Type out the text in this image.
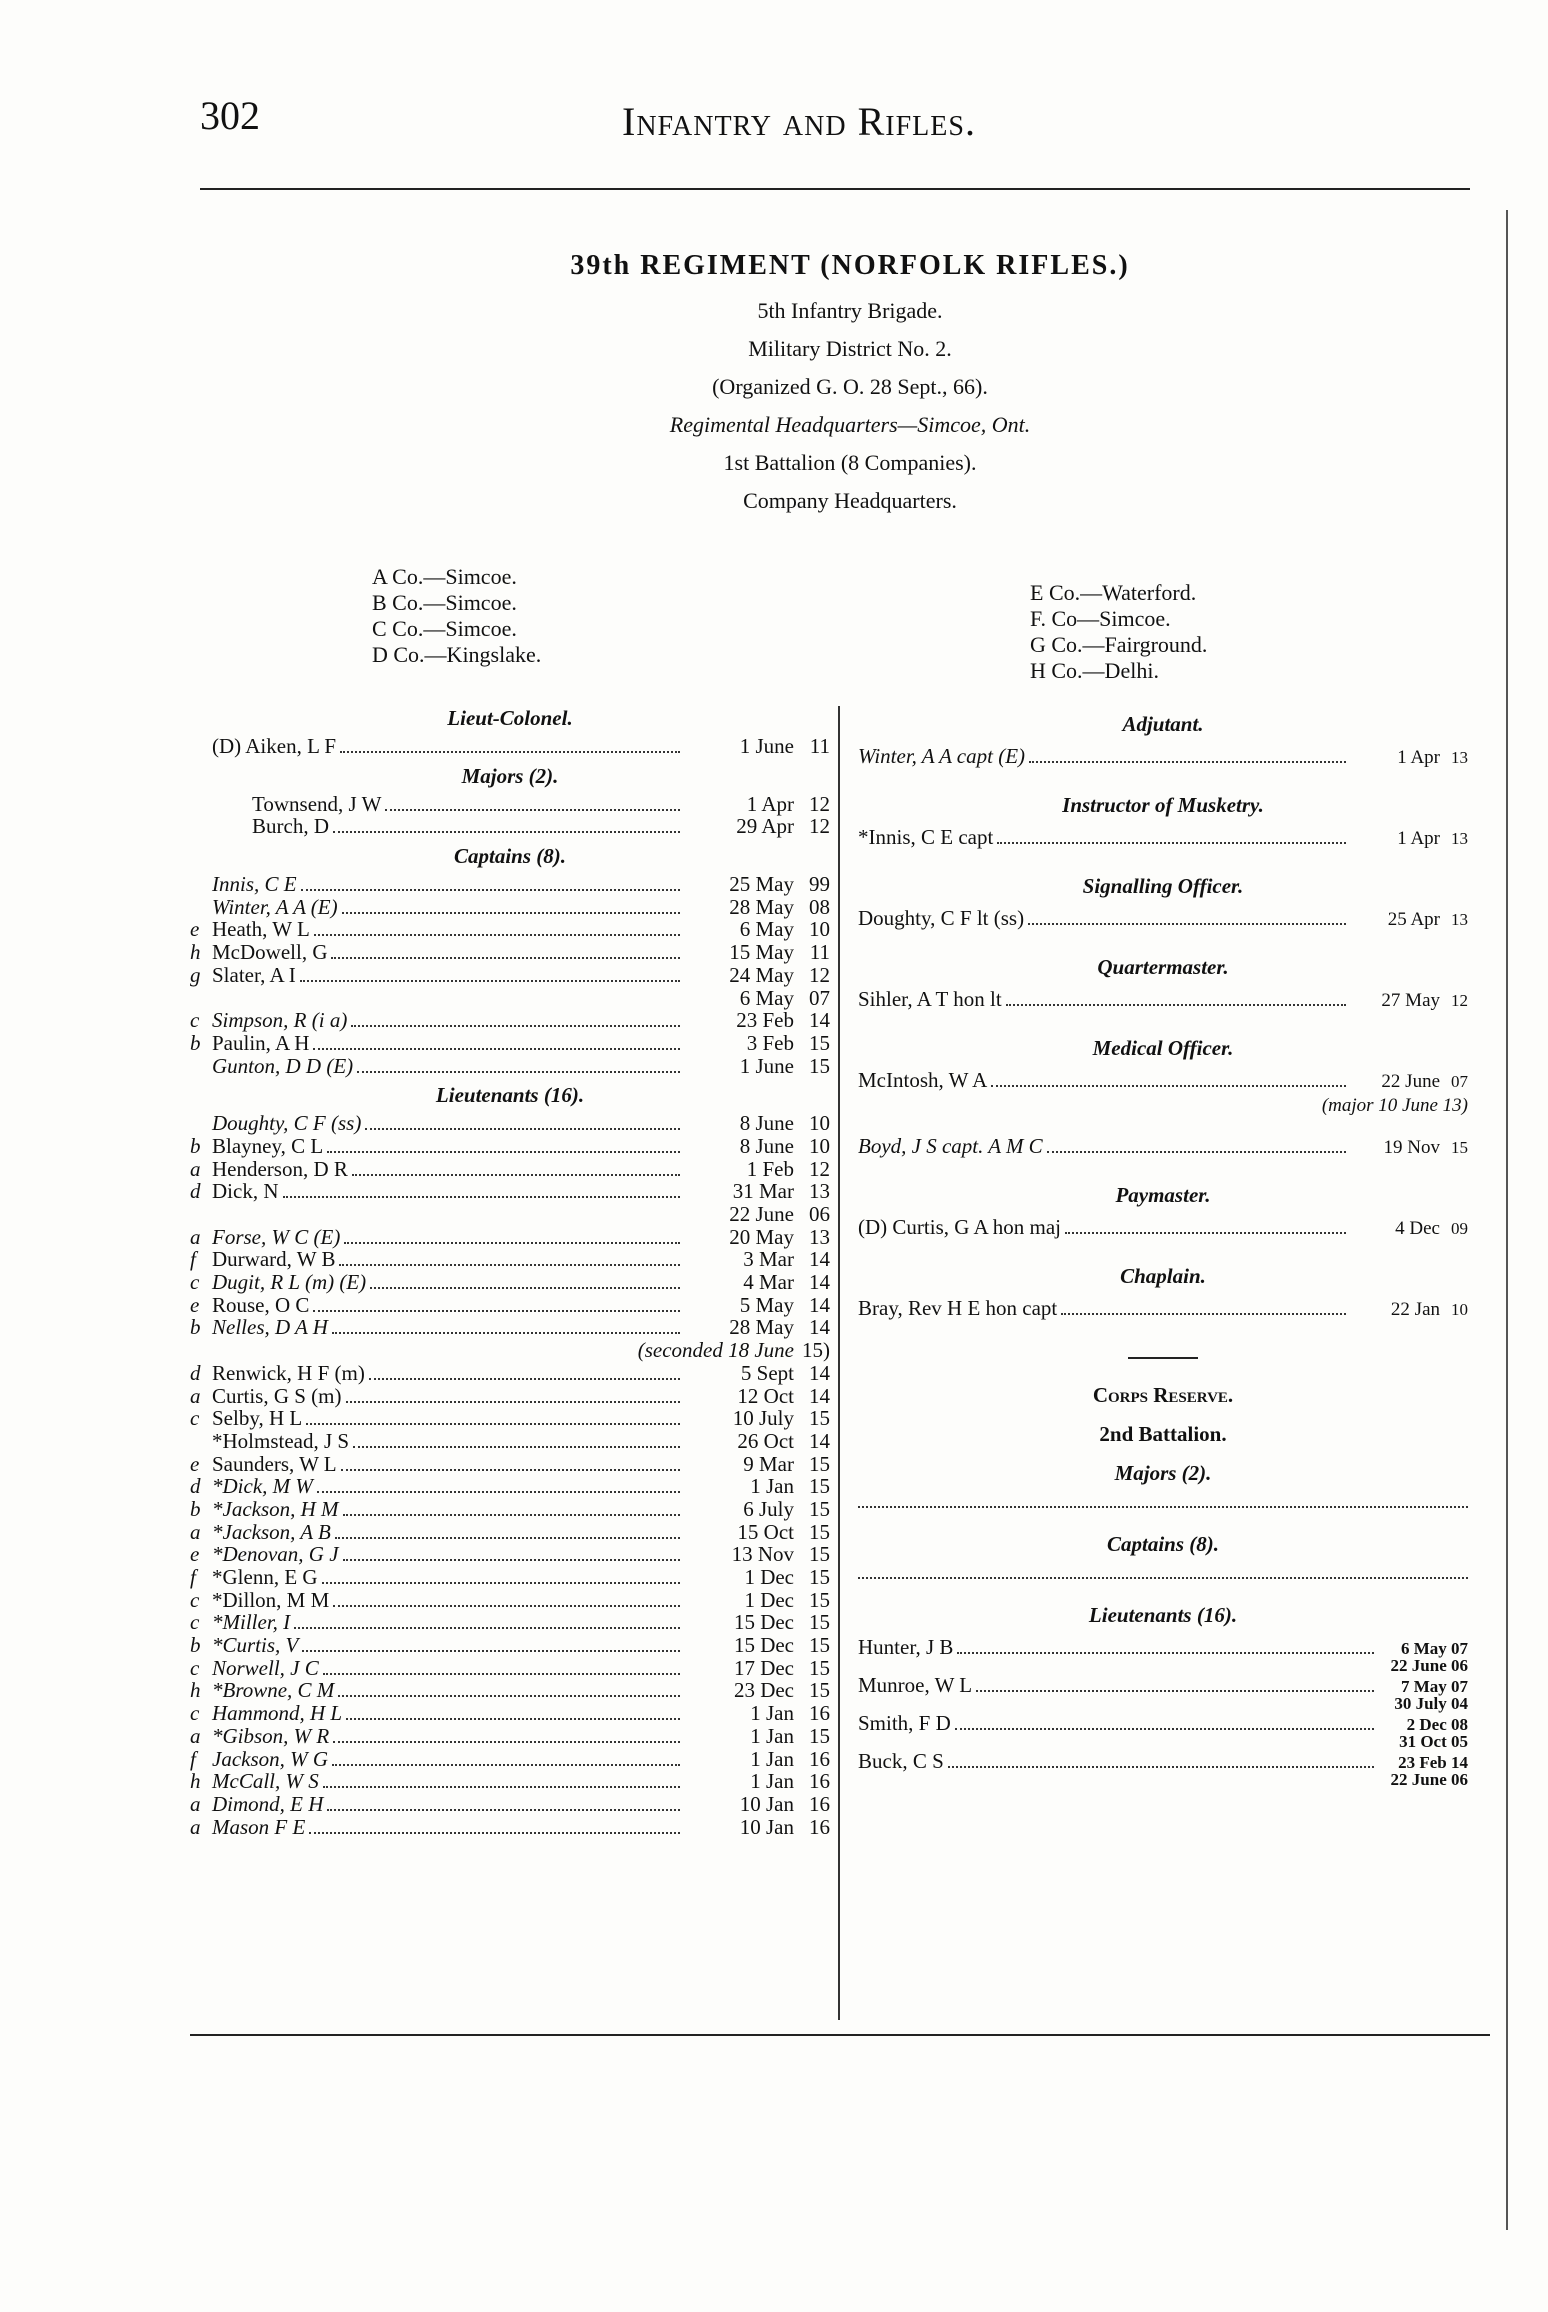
302	Infantry and Rifles.
39th REGIMENT (NORFOLK RIFLES.)
5th Infantry Brigade.
Military District No. 2.
(Organized G. O. 28 Sept., 66).
Regimental Headquarters—Simcoe, Ont.
1st Battalion (8 Companies).
Company Headquarters.
A Co.—Simcoe.
B Co.—Simcoe.
C Co.—Simcoe.
D Co.—Kingslake.
E Co.—Waterford.
F. Co—Simcoe.
G Co.—Fairground.
H Co.—Delhi.
Lieut-Colonel.
(D) Aiken, L F	1 June 11
Majors (2).
Townsend, J W	1 Apr 12
Burch, D	29 Apr 12
Captains (8).
Innis, C E	25 May 99
Winter, A A (E)	28 May 08
e Heath, W L	6 May 10
h McDowell, G	15 May 11
g Slater, A I	24 May 12
6 May 07
c Simpson, R (i a)	23 Feb 14
b Paulin, A H	3 Feb 15
Gunton, D D (E)	1 June 15
Lieutenants (16).
Doughty, C F (ss)	8 June 10
b Blayney, C L	8 June 10
a Henderson, D R	1 Feb 12
d Dick, N	31 Mar 13
22 June 06
a Forse, W C (E)	20 May 13
f Durward, W B	3 Mar 14
c Dugit, R L (m) (E)	4 Mar 14
e Rouse, O C	5 May 14
b Nelles, D A H	28 May 14
(seconded 18 June 15)
d Renwick, H F (m)	5 Sept 14
a Curtis, G S (m)	12 Oct 14
c Selby, H L	10 July 15
*Holmstead, J S	26 Oct 14
e Saunders, W L	9 Mar 15
d *Dick, M W	1 Jan 15
b *Jackson, H M	6 July 15
a *Jackson, A B	15 Oct 15
e *Denovan, G J	13 Nov 15
f *Glenn, E G	1 Dec 15
c *Dillon, M M	1 Dec 15
c *Miller, I	15 Dec 15
b *Curtis, V	15 Dec 15
c Norwell, J C	17 Dec 15
h *Browne, C M	23 Dec 15
c Hammond, H L	1 Jan 16
a *Gibson, W R	1 Jan 15
f Jackson, W G	1 Jan 16
h McCall, W S	1 Jan 16
a Dimond, E H	10 Jan 16
a Mason F E	10 Jan 16
Adjutant.
Winter, A A capt (E)	1 Apr 13
Instructor of Musketry.
*Innis, C E capt	1 Apr 13
Signalling Officer.
Doughty, C F lt (ss)	25 Apr 13
Quartermaster.
Sihler, A T hon lt	27 May 12
Medical Officer.
McIntosh, W A	22 June 07
(major 10 June 13)
Boyd, J S capt. A M C	19 Nov 15
Paymaster.
(D) Curtis, G A hon maj	4 Dec 09
Chaplain.
Bray, Rev H E hon capt	22 Jan 10
Corps Reserve.
2nd Battalion.
Majors (2).
Captains (8).
Lieutenants (16).
Hunter, J B	6 May 07
22 June 06
Munroe, W L	7 May 07
30 July 04
Smith, F D	2 Dec 08
31 Oct 05
Buck, C S	23 Feb 14
22 June 06
